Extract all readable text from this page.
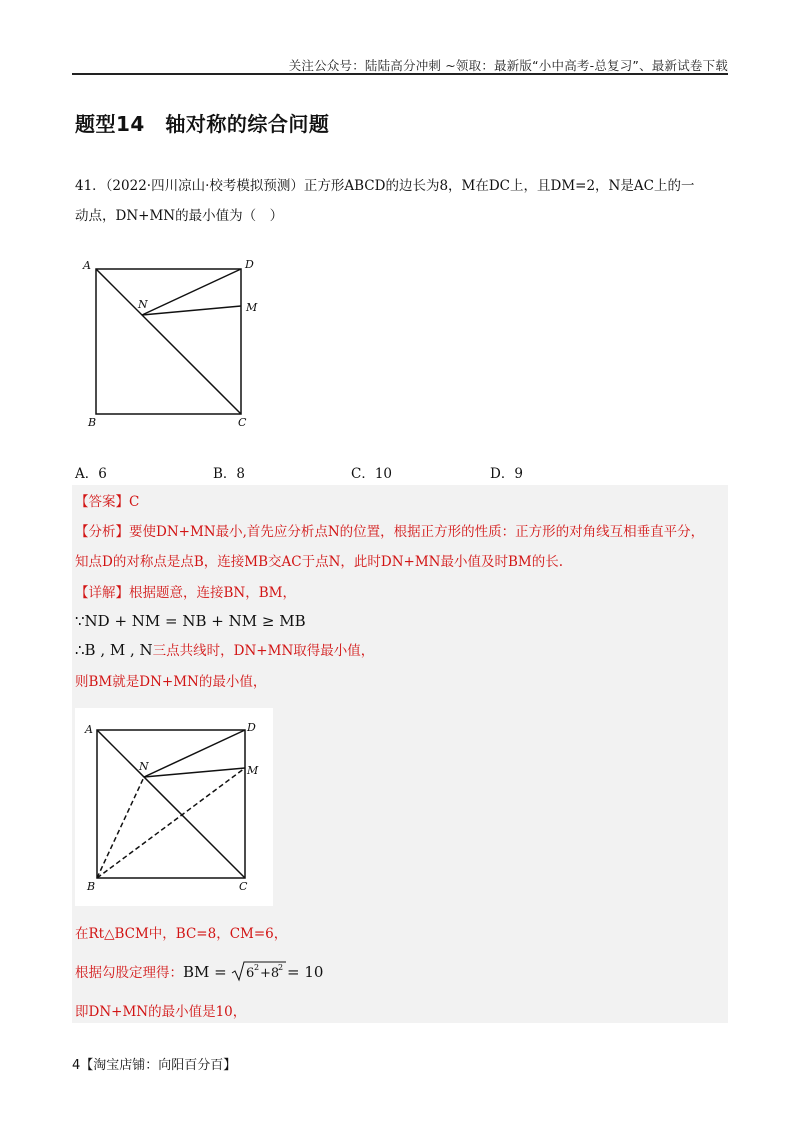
关注公众号：陆陆高分冲刺 ~领取：最新版“小中高考-总复习”、最新试卷下载
题型14　轴对称的综合问题
41．（2022·四川凉山·校考模拟预测）正方形ABCD的边长为8，M在DC上，且DM=2，N是AC上的一
动点，DN+MN的最小值为（　）
A	D
M
N
B	C
A．6	B．8	C．10	D．9
【答案】C
【分析】要使DN+MN最小,首先应分析点N的位置，根据正方形的性质：正方形的对角线互相垂直平分，
知点D的对称点是点B，连接MB交AC于点N，此时DN+MN最小值及时BM的长.
【详解】根据题意，连接BN，BM，
∵ND + NM = NB + NM ≥ MB
∴B , M , N三点共线时，DN+MN取得最小值，
则BM就是DN+MN的最小值，
A	D
M
N
B	C
在Rt△BCM中，BC=8，CM=6，
根据勾股定理得：BM = 6 2 +8
2 = 10
即DN+MN的最小值是10，
4【淘宝店铺：向阳百分百】
